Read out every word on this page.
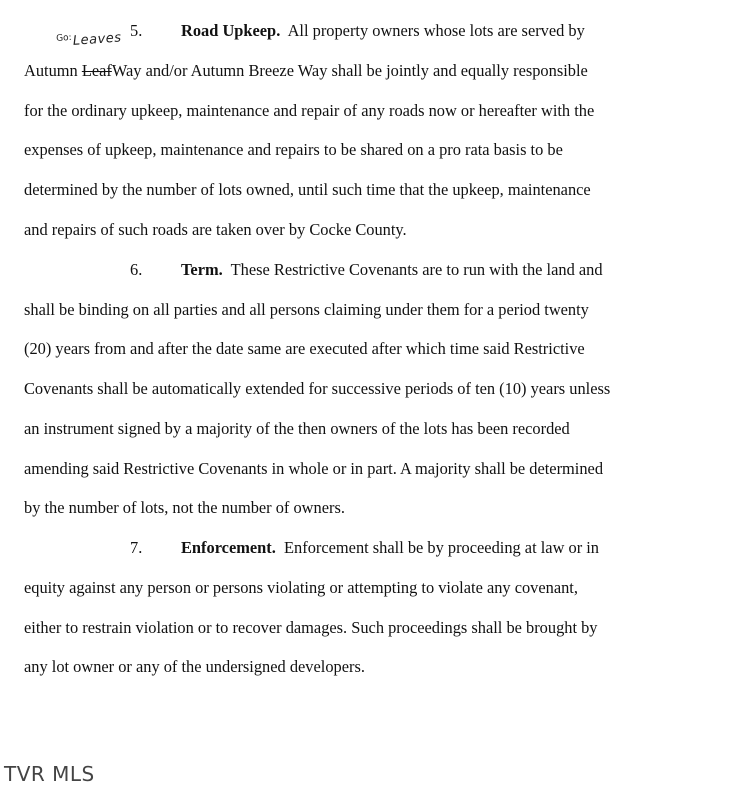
5. Road Upkeep. All property owners whose lots are served by
$^{Go:}$Leaves
Autumn LeafWay and/or Autumn Breeze Way shall be jointly and equally responsible
for the ordinary upkeep, maintenance and repair of any roads now or hereafter with the
expenses of upkeep, maintenance and repairs to be shared on a pro rata basis to be
determined by the number of lots owned, until such time that the upkeep, maintenance
and repairs of such roads are taken over by Cocke County.
6. Term. These Restrictive Covenants are to run with the land and
shall be binding on all parties and all persons claiming under them for a period twenty
(20) years from and after the date same are executed after which time said Restrictive
Covenants shall be automatically extended for successive periods of ten (10) years unless
an instrument signed by a majority of the then owners of the lots has been recorded
amending said Restrictive Covenants in whole or in part. A majority shall be determined
by the number of lots, not the number of owners.
7. Enforcement. Enforcement shall be by proceeding at law or in
equity against any person or persons violating or attempting to violate any covenant,
either to restrain violation or to recover damages. Such proceedings shall be brought by
any lot owner or any of the undersigned developers.
TVR MLS
